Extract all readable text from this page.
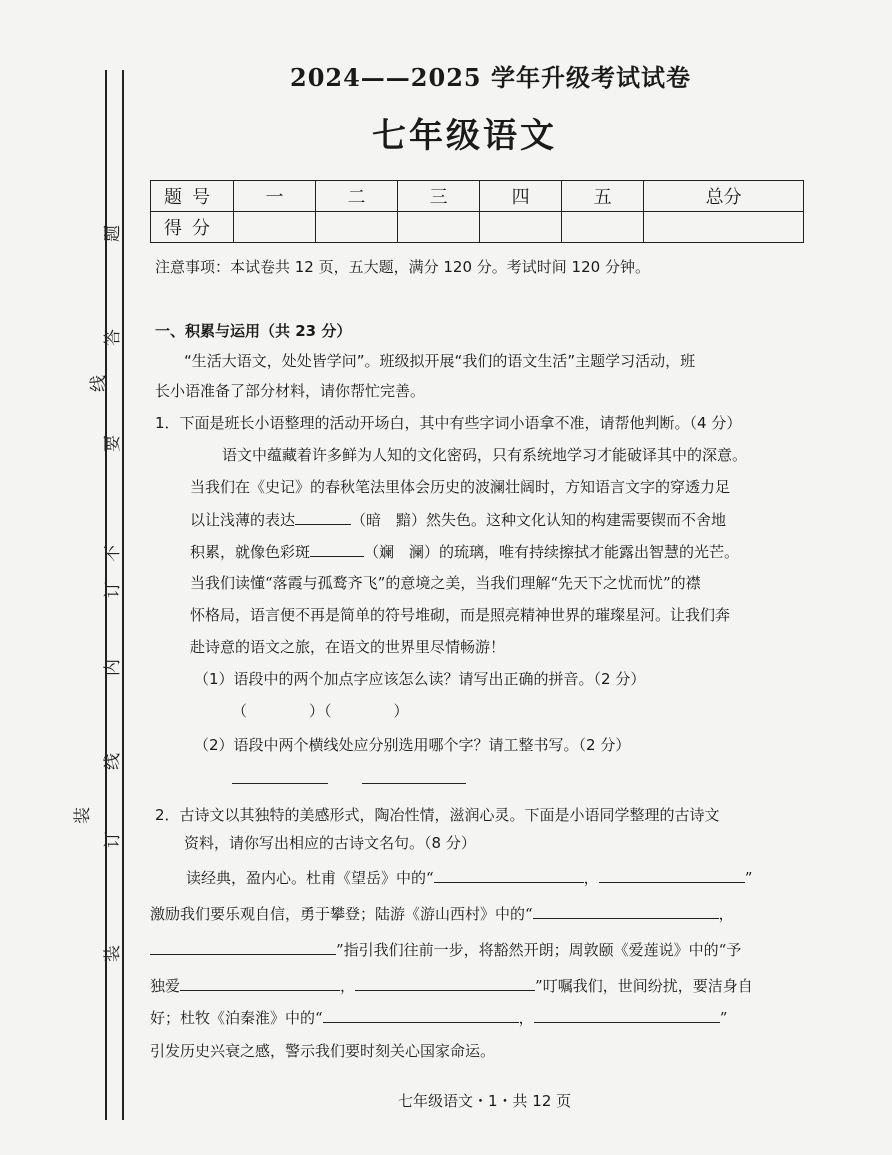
题
答
要
不
内
线
订
线
装
订
装
2024——2025 学年升级考试试卷
七年级语文
题号	一	二	三	四	五	总分
得分						
注意事项：本试卷共 12 页，五大题，满分 120 分。考试时间 120 分钟。
一、积累与运用（共 23 分）
“生活大语文，处处皆学问”。班级拟开展“我们的语文生活”主题学习活动，班
长小语准备了部分材料，请你帮忙完善。
1．下面是班长小语整理的活动开场白，其中有些字词小语拿不准，请帮他判断。（4 分）
语文中蕴藏着许多鲜为人知的文化密码，只有系统地学习才能破译其中的深意。
当我们在《史记》的春秋笔法里体会历史的波澜壮阔时，方知语言文字的穿透力足
以让浅薄的表达	（暗　黯）然失色。这种文化认知的构建需要锲而不舍地
积累，就像色彩斑	（斓　澜）的琉璃，唯有持续擦拭才能露出智慧的光芒。
当我们读懂“落霞与孤鹜齐飞”的意境之美，当我们理解“先天下之忧而忧”的襟
怀格局，语言便不再是简单的符号堆砌，而是照亮精神世界的璀璨星河。让我们奔
赴诗意的语文之旅，在语文的世界里尽情畅游！
（1）语段中的两个加点字应该怎么读？请写出正确的拼音。（2 分）
（	）（	）
（2）语段中两个横线处应分别选用哪个字？请工整书写。（2 分）
2．古诗文以其独特的美感形式，陶冶性情，滋润心灵。下面是小语同学整理的古诗文
资料，请你写出相应的古诗文名句。（8 分）
读经典，盈内心。杜甫《望岳》中的“	，	”
激励我们要乐观自信，勇于攀登；陆游《游山西村》中的“	，
”指引我们往前一步，将豁然开朗；周敦颐《爱莲说》中的“予
独爱	，	”叮嘱我们，世间纷扰，要洁身自
好；杜牧《泊秦淮》中的“	，	”
引发历史兴衰之感，警示我们要时刻关心国家命运。
七年级语文・1・共 12 页
